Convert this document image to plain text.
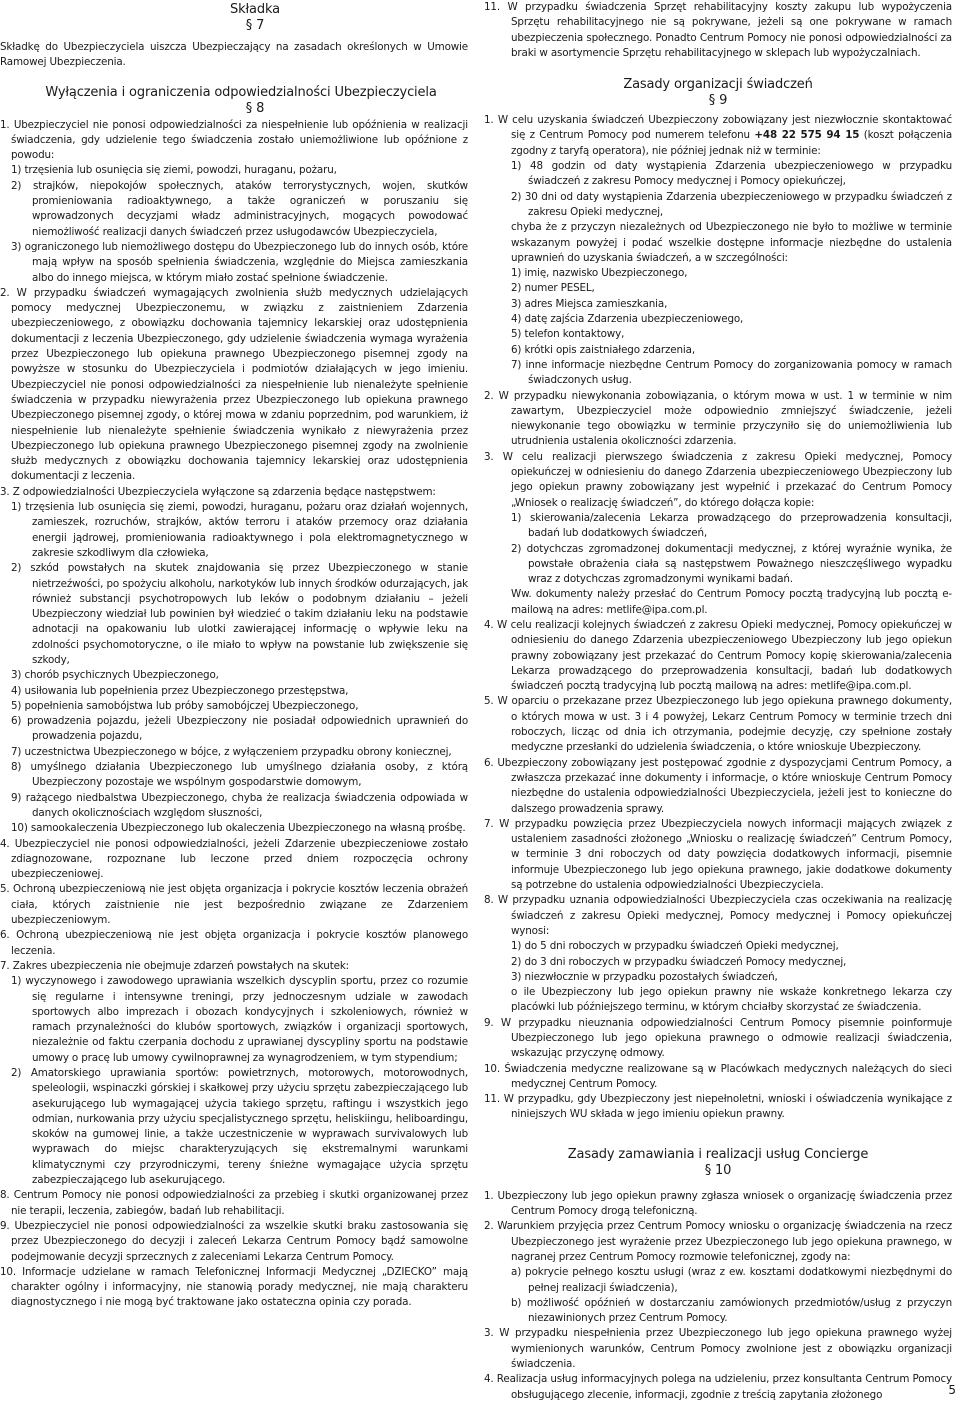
Składka
§ 7

Składkę do Ubezpieczyciela uiszcza Ubezpieczający na zasadach określonych w Umowie Ramowej Ubezpieczenia.

Wyłączenia i ograniczenia odpowiedzialności Ubezpieczyciela
§ 8

1. Ubezpieczyciel nie ponosi odpowiedzialności za niespełnienie lub opóźnienia w realizacji świadczenia, gdy udzielenie tego świadczenia zostało uniemożliwione lub opóźnione z powodu:

1) trzęsienia lub osunięcia się ziemi, powodzi, huraganu, pożaru,

2) strajków, niepokojów społecznych, ataków terrorystycznych, wojen, skutków promieniowania radioaktywnego, a także ograniczeń w poruszaniu się wprowadzonych decyzjami władz administracyjnych, mogących powodować niemożliwość realizacji danych świadczeń przez usługodawców Ubezpieczyciela,

3) ograniczonego lub niemożliwego dostępu do Ubezpieczonego lub do innych osób, które mają wpływ na sposób spełnienia świadczenia, względnie do Miejsca zamieszkania albo do innego miejsca, w którym miało zostać spełnione świadczenie.

2. W przypadku świadczeń wymagających zwolnienia służb medycznych udzielających pomocy medycznej Ubezpieczonemu, w związku z zaistnieniem Zdarzenia ubezpieczeniowego, z obowiązku dochowania tajemnicy lekarskiej oraz udostępnienia dokumentacji z leczenia Ubezpieczonego, gdy udzielenie świadczenia wymaga wyrażenia przez Ubezpieczonego lub opiekuna prawnego Ubezpieczonego pisemnej zgody na powyższe w stosunku do Ubezpieczyciela i podmiotów działających w jego imieniu. Ubezpieczyciel nie ponosi odpowiedzialności za niespełnienie lub nienależyte spełnienie świadczenia w przypadku niewyrażenia przez Ubezpieczonego lub opiekuna prawnego Ubezpieczonego pisemnej zgody, o której mowa w zdaniu poprzednim, pod warunkiem, iż niespełnienie lub nienależyte spełnienie świadczenia wynikało z niewyrażenia przez Ubezpieczonego lub opiekuna prawnego Ubezpieczonego pisemnej zgody na zwolnienie służb medycznych z obowiązku dochowania tajemnicy lekarskiej oraz udostępnienia dokumentacji z leczenia.

3. Z odpowiedzialności Ubezpieczyciela wyłączone są zdarzenia będące następstwem:

1) trzęsienia lub osunięcia się ziemi, powodzi, huraganu, pożaru oraz działań wojennych, zamieszek, rozruchów, strajków, aktów terroru i ataków przemocy oraz działania energii jądrowej, promieniowania radioaktywnego i pola elektromagnetycznego w zakresie szkodliwym dla człowieka,

2) szkód powstałych na skutek znajdowania się przez Ubezpieczonego w stanie nietrzeźwości, po spożyciu alkoholu, narkotyków lub innych środków odurzających, jak również substancji psychotropowych lub leków o podobnym działaniu – jeżeli Ubezpieczony wiedział lub powinien był wiedzieć o takim działaniu leku na podstawie adnotacji na opakowaniu lub ulotki zawierającej informację o wpływie leku na zdolności psychomotoryczne, o ile miało to wpływ na powstanie lub zwiększenie się szkody,

3) chorób psychicznych Ubezpieczonego,

4) usiłowania lub popełnienia przez Ubezpieczonego przestępstwa,

5) popełnienia samobójstwa lub próby samobójczej Ubezpieczonego,

6) prowadzenia pojazdu, jeżeli Ubezpieczony nie posiadał odpowiednich uprawnień do prowadzenia pojazdu,

7) uczestnictwa Ubezpieczonego w bójce, z wyłączeniem przypadku obrony koniecznej,

8) umyślnego działania Ubezpieczonego lub umyślnego działania osoby, z którą Ubezpieczony pozostaje we wspólnym gospodarstwie domowym,

9) rażącego niedbalstwa Ubezpieczonego, chyba że realizacja świadczenia odpowiada w danych okolicznościach względom słuszności,

10) samookaleczenia Ubezpieczonego lub okaleczenia Ubezpieczonego na własną prośbę.

4. Ubezpieczyciel nie ponosi odpowiedzialności, jeżeli Zdarzenie ubezpieczeniowe zostało zdiagnozowane, rozpoznane lub leczone przed dniem rozpoczęcia ochrony ubezpieczeniowej.

5. Ochroną ubezpieczeniową nie jest objęta organizacja i pokrycie kosztów leczenia obrażeń ciała, których zaistnienie nie jest bezpośrednio związane ze Zdarzeniem ubezpieczeniowym.

6. Ochroną ubezpieczeniową nie jest objęta organizacja i pokrycie kosztów planowego leczenia.

7. Zakres ubezpieczenia nie obejmuje zdarzeń powstałych na skutek:

1) wyczynowego i zawodowego uprawiania wszelkich dyscyplin sportu, przez co rozumie się regularne i intensywne treningi, przy jednoczesnym udziale w zawodach sportowych albo imprezach i obozach kondycyjnych i szkoleniowych, również w ramach przynależności do klubów sportowych, związków i organizacji sportowych, niezależnie od faktu czerpania dochodu z uprawianej dyscypliny sportu na podstawie umowy o pracę lub umowy cywilnoprawnej za wynagrodzeniem, w tym stypendium;

2) Amatorskiego uprawiania sportów: powietrznych, motorowych, motorowodnych, speleologii, wspinaczki górskiej i skałkowej przy użyciu sprzętu zabezpieczającego lub asekurującego lub wymagającej użycia takiego sprzętu, raftingu i wszystkich jego odmian, nurkowania przy użyciu specjalistycznego sprzętu, heliskiingu, heliboardingu, skoków na gumowej linie, a także uczestniczenie w wyprawach survivalowych lub wyprawach do miejsc charakteryzujących się ekstremalnymi warunkami klimatycznymi czy przyrodniczymi, tereny śnieżne wymagające użycia sprzętu zabezpieczającego lub asekurującego.

8. Centrum Pomocy nie ponosi odpowiedzialności za przebieg i skutki organizowanej przez nie terapii, leczenia, zabiegów, badań lub rehabilitacji.

9. Ubezpieczyciel nie ponosi odpowiedzialności za wszelkie skutki braku zastosowania się przez Ubezpieczonego do decyzji i zaleceń Lekarza Centrum Pomocy bądź samowolne podejmowanie decyzji sprzecznych z zaleceniami Lekarza Centrum Pomocy.

10. Informacje udzielane w ramach Telefonicznej Informacji Medycznej „DZIECKO” mają charakter ogólny i informacyjny, nie stanowią porady medycznej, nie mają charakteru diagnostycznego i nie mogą być traktowane jako ostateczna opinia czy porada.

11. W przypadku świadczenia Sprzęt rehabilitacyjny koszty zakupu lub wypożyczenia Sprzętu rehabilitacyjnego nie są pokrywane, jeżeli są one pokrywane w ramach ubezpieczenia społecznego. Ponadto Centrum Pomocy nie ponosi odpowiedzialności za braki w asortymencie Sprzętu rehabilitacyjnego w sklepach lub wypożyczalniach.

Zasady organizacji świadczeń
§ 9

1. W celu uzyskania świadczeń Ubezpieczony zobowiązany jest niezwłocznie skontaktować się z Centrum Pomocy pod numerem telefonu +48 22 575 94 15 (koszt połączenia zgodny z taryfą operatora), nie później jednak niż w terminie:

1) 48 godzin od daty wystąpienia Zdarzenia ubezpieczeniowego w przypadku świadczeń z zakresu Pomocy medycznej i Pomocy opiekuńczej,

2) 30 dni od daty wystąpienia Zdarzenia ubezpieczeniowego w przypadku świadczeń z zakresu Opieki medycznej,

chyba że z przyczyn niezależnych od Ubezpieczonego nie było to możliwe w terminie wskazanym powyżej i podać wszelkie dostępne informacje niezbędne do ustalenia uprawnień do uzyskania świadczeń, a w szczególności:

1) imię, nazwisko Ubezpieczonego,

2) numer PESEL,

3) adres Miejsca zamieszkania,

4) datę zajścia Zdarzenia ubezpieczeniowego,

5) telefon kontaktowy,

6) krótki opis zaistniałego zdarzenia,

7) inne informacje niezbędne Centrum Pomocy do zorganizowania pomocy w ramach świadczonych usług.

2. W przypadku niewykonania zobowiązania, o którym mowa w ust. 1 w terminie w nim zawartym, Ubezpieczyciel może odpowiednio zmniejszyć świadczenie, jeżeli niewykonanie tego obowiązku w terminie przyczyniło się do uniemożliwienia lub utrudnienia ustalenia okoliczności zdarzenia.

3. W celu realizacji pierwszego świadczenia z zakresu Opieki medycznej, Pomocy opiekuńczej w odniesieniu do danego Zdarzenia ubezpieczeniowego Ubezpieczony lub jego opiekun prawny zobowiązany jest wypełnić i przekazać do Centrum Pomocy „Wniosek o realizację świadczeń”, do którego dołącza kopie:

1) skierowania/zalecenia Lekarza prowadzącego do przeprowadzenia konsultacji, badań lub dodatkowych świadczeń,

2) dotychczas zgromadzonej dokumentacji medycznej, z której wyraźnie wynika, że powstałe obrażenia ciała są następstwem Poważnego nieszczęśliwego wypadku wraz z dotychczas zgromadzonymi wynikami badań.

Ww. dokumenty należy przesłać do Centrum Pomocy pocztą tradycyjną lub pocztą e-mailową na adres: metlife@ipa.com.pl.

4. W celu realizacji kolejnych świadczeń z zakresu Opieki medycznej, Pomocy opiekuńczej w odniesieniu do danego Zdarzenia ubezpieczeniowego Ubezpieczony lub jego opiekun prawny zobowiązany jest przekazać do Centrum Pomocy kopię skierowania/zalecenia Lekarza prowadzącego do przeprowadzenia konsultacji, badań lub dodatkowych świadczeń pocztą tradycyjną lub pocztą mailową na adres: metlife@ipa.com.pl.

5. W oparciu o przekazane przez Ubezpieczonego lub jego opiekuna prawnego dokumenty, o których mowa w ust. 3 i 4 powyżej, Lekarz Centrum Pomocy w terminie trzech dni roboczych, licząc od dnia ich otrzymania, podejmie decyzję, czy spełnione zostały medyczne przesłanki do udzielenia świadczenia, o które wnioskuje Ubezpieczony.

6. Ubezpieczony zobowiązany jest postępować zgodnie z dyspozycjami Centrum Pomocy, a zwłaszcza przekazać inne dokumenty i informacje, o które wnioskuje Centrum Pomocy niezbędne do ustalenia odpowiedzialności Ubezpieczyciela, jeżeli jest to konieczne do dalszego prowadzenia sprawy.

7. W przypadku powzięcia przez Ubezpieczyciela nowych informacji mających związek z ustaleniem zasadności złożonego „Wniosku o realizację świadczeń” Centrum Pomocy, w terminie 3 dni roboczych od daty powzięcia dodatkowych informacji, pisemnie informuje Ubezpieczonego lub jego opiekuna prawnego, jakie dodatkowe dokumenty są potrzebne do ustalenia odpowiedzialności Ubezpieczyciela.

8. W przypadku uznania odpowiedzialności Ubezpieczyciela czas oczekiwania na realizację świadczeń z zakresu Opieki medycznej, Pomocy medycznej i Pomocy opiekuńczej wynosi:

1) do 5 dni roboczych w przypadku świadczeń Opieki medycznej,

2) do 3 dni roboczych w przypadku świadczeń Pomocy medycznej,

3) niezwłocznie w przypadku pozostałych świadczeń,

o ile Ubezpieczony lub jego opiekun prawny nie wskaże konkretnego lekarza czy placówki lub późniejszego terminu, w którym chciałby skorzystać ze świadczenia.

9. W przypadku nieuznania odpowiedzialności Centrum Pomocy pisemnie poinformuje Ubezpieczonego lub jego opiekuna prawnego o odmowie realizacji świadczenia, wskazując przyczynę odmowy.

10. Świadczenia medyczne realizowane są w Placówkach medycznych należących do sieci medycznej Centrum Pomocy.

11. W przypadku, gdy Ubezpieczony jest niepełnoletni, wnioski i oświadczenia wynikające z niniejszych WU składa w jego imieniu opiekun prawny.

Zasady zamawiania i realizacji usług Concierge
§ 10

1. Ubezpieczony lub jego opiekun prawny zgłasza wniosek o organizację świadczenia przez Centrum Pomocy drogą telefoniczną.

2. Warunkiem przyjęcia przez Centrum Pomocy wniosku o organizację świadczenia na rzecz Ubezpieczonego jest wyrażenie przez Ubezpieczonego lub jego opiekuna prawnego, w nagranej przez Centrum Pomocy rozmowie telefonicznej, zgody na:

a) pokrycie pełnego kosztu usługi (wraz z ew. kosztami dodatkowymi niezbędnymi do pełnej realizacji świadczenia),

b) możliwość opóźnień w dostarczaniu zamówionych przedmiotów/usług z przyczyn niezawinionych przez Centrum Pomocy.

3. W przypadku niespełnienia przez Ubezpieczonego lub jego opiekuna prawnego wyżej wymienionych warunków, Centrum Pomocy zwolnione jest z obowiązku organizacji świadczenia.

4. Realizacja usług informacyjnych polega na udzieleniu, przez konsultanta Centrum Pomocy obsługującego zlecenie, informacji, zgodnie z treścią zapytania złożonego	5
